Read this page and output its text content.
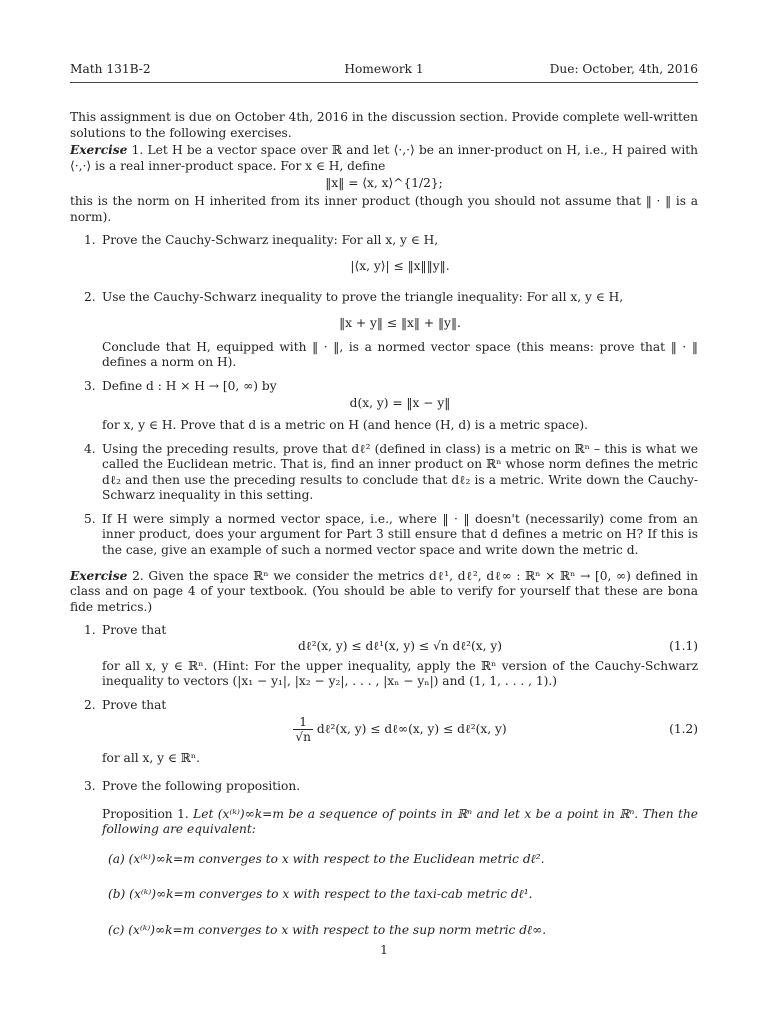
Math 131B-2	Homework 1	Due: October, 4th, 2016

This assignment is due on October 4th, 2016 in the discussion section. Provide complete well-written solutions to the following exercises.

Exercise 1. Let H be a vector space over ℝ and let ⟨·,·⟩ be an inner-product on H, i.e., H paired with ⟨·,·⟩ is a real inner-product space. For x ∈ H, define

‖x‖ = ⟨x, x⟩^{1/2};

this is the norm on H inherited from its inner product (though you should not assume that ‖ · ‖ is a norm).

1. Prove the Cauchy-Schwarz inequality: For all x, y ∈ H,
|⟨x, y⟩| ≤ ‖x‖‖y‖.
2. Use the Cauchy-Schwarz inequality to prove the triangle inequality: For all x, y ∈ H,
‖x + y‖ ≤ ‖x‖ + ‖y‖.
Conclude that H, equipped with ‖ · ‖, is a normed vector space (this means: prove that ‖ · ‖ defines a norm on H).
3. Define d : H × H → [0, ∞) by
d(x, y) = ‖x − y‖
for x, y ∈ H. Prove that d is a metric on H (and hence (H, d) is a metric space).
4. Using the preceding results, prove that dℓ² (defined in class) is a metric on ℝⁿ – this is what we called the Euclidean metric. That is, find an inner product on ℝⁿ whose norm defines the metric dℓ₂ and then use the preceding results to conclude that dℓ₂ is a metric. Write down the Cauchy-Schwarz inequality in this setting.
5. If H were simply a normed vector space, i.e., where ‖ · ‖ doesn't (necessarily) come from an inner product, does your argument for Part 3 still ensure that d defines a metric on H? If this is the case, give an example of such a normed vector space and write down the metric d.

Exercise 2. Given the space ℝⁿ we consider the metrics dℓ¹, dℓ², dℓ∞ : ℝⁿ × ℝⁿ → [0, ∞) defined in class and on page 4 of your textbook. (You should be able to verify for yourself that these are bona fide metrics.)

1. Prove that
dℓ²(x, y) ≤ dℓ¹(x, y) ≤ √n dℓ²(x, y)	(1.1)
for all x, y ∈ ℝⁿ. (Hint: For the upper inequality, apply the ℝⁿ version of the Cauchy-Schwarz inequality to vectors (|x₁ − y₁|, |x₂ − y₂|, . . . , |xₙ − yₙ|) and (1, 1, . . . , 1).)
2. Prove that
$\frac{1}{√n}$ dℓ²(x, y) ≤ dℓ∞(x, y) ≤ dℓ²(x, y)	(1.2)
for all x, y ∈ ℝⁿ.
3. Prove the following proposition.
Proposition 1. Let (x⁽ᵏ⁾)∞k=m be a sequence of points in ℝⁿ and let x be a point in ℝⁿ. Then the following are equivalent:
(a) (x⁽ᵏ⁾)∞k=m converges to x with respect to the Euclidean metric dℓ².
(b) (x⁽ᵏ⁾)∞k=m converges to x with respect to the taxi-cab metric dℓ¹.
(c) (x⁽ᵏ⁾)∞k=m converges to x with respect to the sup norm metric dℓ∞.
1
